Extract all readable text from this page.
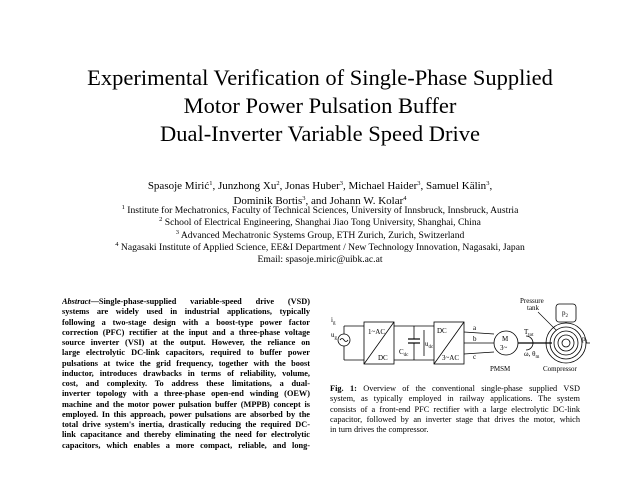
Experimental Verification of Single-Phase Supplied
Motor Power Pulsation Buffer
Dual-Inverter Variable Speed Drive
Spasoje Mirić$^1$, Junzhong Xu$^2$, Jonas Huber$^3$, Michael Haider$^3$, Samuel Kälin$^3$,
Dominik Bortis$^3$, and Johann W. Kolar$^4$
$^1$ Institute for Mechatronics, Faculty of Technical Sciences, University of Innsbruck, Innsbruck, Austria
$^2$ School of Electrical Engineering, Shanghai Jiao Tong University, Shanghai, China
$^3$ Advanced Mechatronic Systems Group, ETH Zurich, Zurich, Switzerland
$^4$ Nagasaki Institute of Applied Science, EE&I Department / New Technology Innovation, Nagasaki, Japan
Email: spasoje.miric@uibk.ac.at
Abstract—Single-phase-supplied variable-speed drive (VSD)
systems are widely used in industrial applications, typically
following a two-stage design with a boost-type power factor
correction (PFC) rectifier at the input and a three-phase voltage
source inverter (VSI) at the output. However, the reliance on
large electrolytic DC-link capacitors, required to buffer power
pulsations at twice the grid frequency, together with the boost
inductor, introduces drawbacks in terms of reliability, volume,
cost, and complexity. To address these limitations, a dual-
inverter topology with a three-phase open-end winding (OEW)
machine and the motor power pulsation buffer (MPPB) concept is
employed. In this approach, power pulsations are absorbed by the
total drive system's inertia, drastically reducing the required DC-
link capacitance and thereby eliminating the need for electrolytic
capacitors, which enables a more compact, reliable, and long-
$i_g$
$u_g$
1~AC
DC
$C_{dc}$
$u_{dc}$
DC
3~AC
a
b
c
M
3~
$T_{tot}$
ω, $\theta_m$
PMSM	Compressor
Pressure
tank
$p_2$
$p_1$
Fig. 1: Overview of the conventional single-phase supplied VSD
system, as typically employed in railway applications. The system
consists of a front-end PFC rectifier with a large electrolytic DC-link
capacitor, followed by an inverter stage that drives the motor, which
in turn drives the compressor.
